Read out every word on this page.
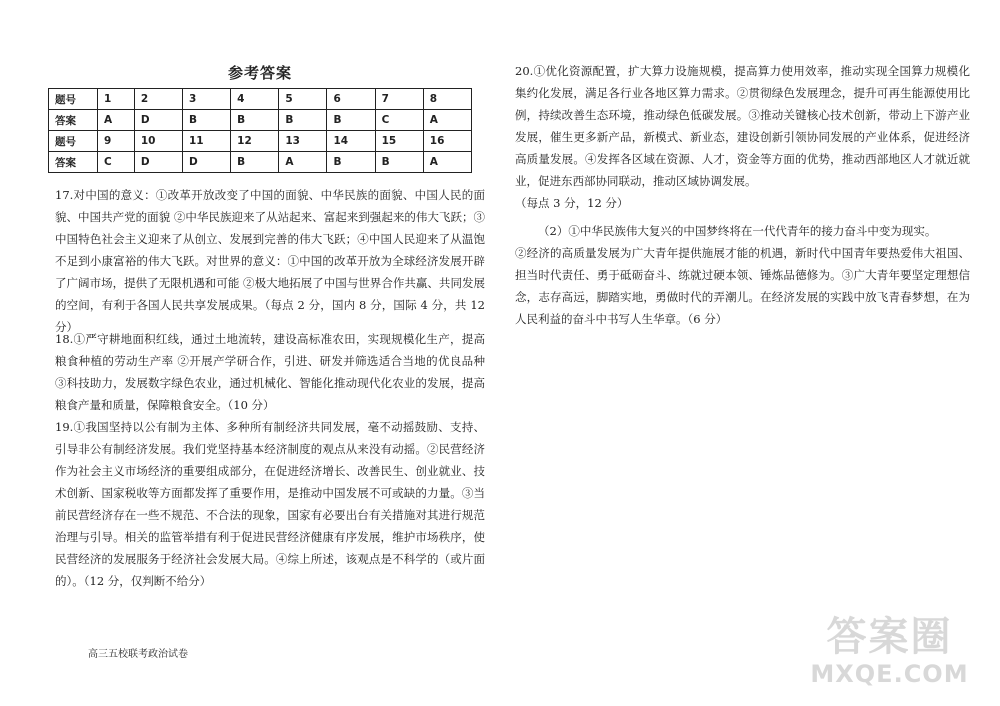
参考答案
题号	1	2	3	4	5	6	7	8
答案	A	D	B	B	B	B	C	A
题号	9	10	11	12	13	14	15	16
答案	C	D	D	B	A	B	B	A

17.对中国的意义：①改革开放改变了中国的面貌、中华民族的面貌、中国人民的面貌、中国共产党的面貌 ②中华民族迎来了从站起来、富起来到强起来的伟大飞跃；③中国特色社会主义迎来了从创立、发展到完善的伟大飞跃；④中国人民迎来了从温饱不足到小康富裕的伟大飞跃。对世界的意义：①中国的改革开放为全球经济发展开辟了广阔市场，提供了无限机遇和可能 ②极大地拓展了中国与世界合作共赢、共同发展的空间，有利于各国人民共享发展成果。（每点 2 分，国内 8 分，国际 4 分，共 12 分）

18.①严守耕地面积红线，通过土地流转，建设高标准农田，实现规模化生产，提高粮食种植的劳动生产率 ②开展产学研合作，引进、研发并筛选适合当地的优良品种 ③科技助力，发展数字绿色农业，通过机械化、智能化推动现代化农业的发展，提高粮食产量和质量，保障粮食安全。（10 分）

19.①我国坚持以公有制为主体、多种所有制经济共同发展，毫不动摇鼓励、支持、引导非公有制经济发展。我们党坚持基本经济制度的观点从来没有动摇。②民营经济作为社会主义市场经济的重要组成部分，在促进经济增长、改善民生、创业就业、技术创新、国家税收等方面都发挥了重要作用，是推动中国发展不可或缺的力量。③当前民营经济存在一些不规范、不合法的现象，国家有必要出台有关措施对其进行规范治理与引导。相关的监管举措有利于促进民营经济健康有序发展，维护市场秩序，使民营经济的发展服务于经济社会发展大局。④综上所述，该观点是不科学的（或片面的）。（12 分，仅判断不给分）

20.①优化资源配置，扩大算力设施规模，提高算力使用效率，推动实现全国算力规模化集约化发展，满足各行业各地区算力需求。②贯彻绿色发展理念，提升可再生能源使用比例，持续改善生态环境，推动绿色低碳发展。③推动关键核心技术创新，带动上下游产业发展，催生更多新产品，新模式、新业态，建设创新引领协同发展的产业体系，促进经济高质量发展。④发挥各区域在资源、人才，资金等方面的优势，推动西部地区人才就近就业，促进东西部协同联动，推动区域协调发展。

（每点 3 分，12 分）

（2）①中华民族伟大复兴的中国梦终将在一代代青年的接力奋斗中变为现实。

②经济的高质量发展为广大青年提供施展才能的机遇，新时代中国青年要热爱伟大祖国、担当时代责任、勇于砥砺奋斗、练就过硬本领、锤炼品德修为。③广大青年要坚定理想信念，志存高远，脚踏实地，勇做时代的弄潮儿。在经济发展的实践中放飞青春梦想，在为人民利益的奋斗中书写人生华章。（6 分）

高三五校联考政治试卷	答案圈
MXQE.COM
